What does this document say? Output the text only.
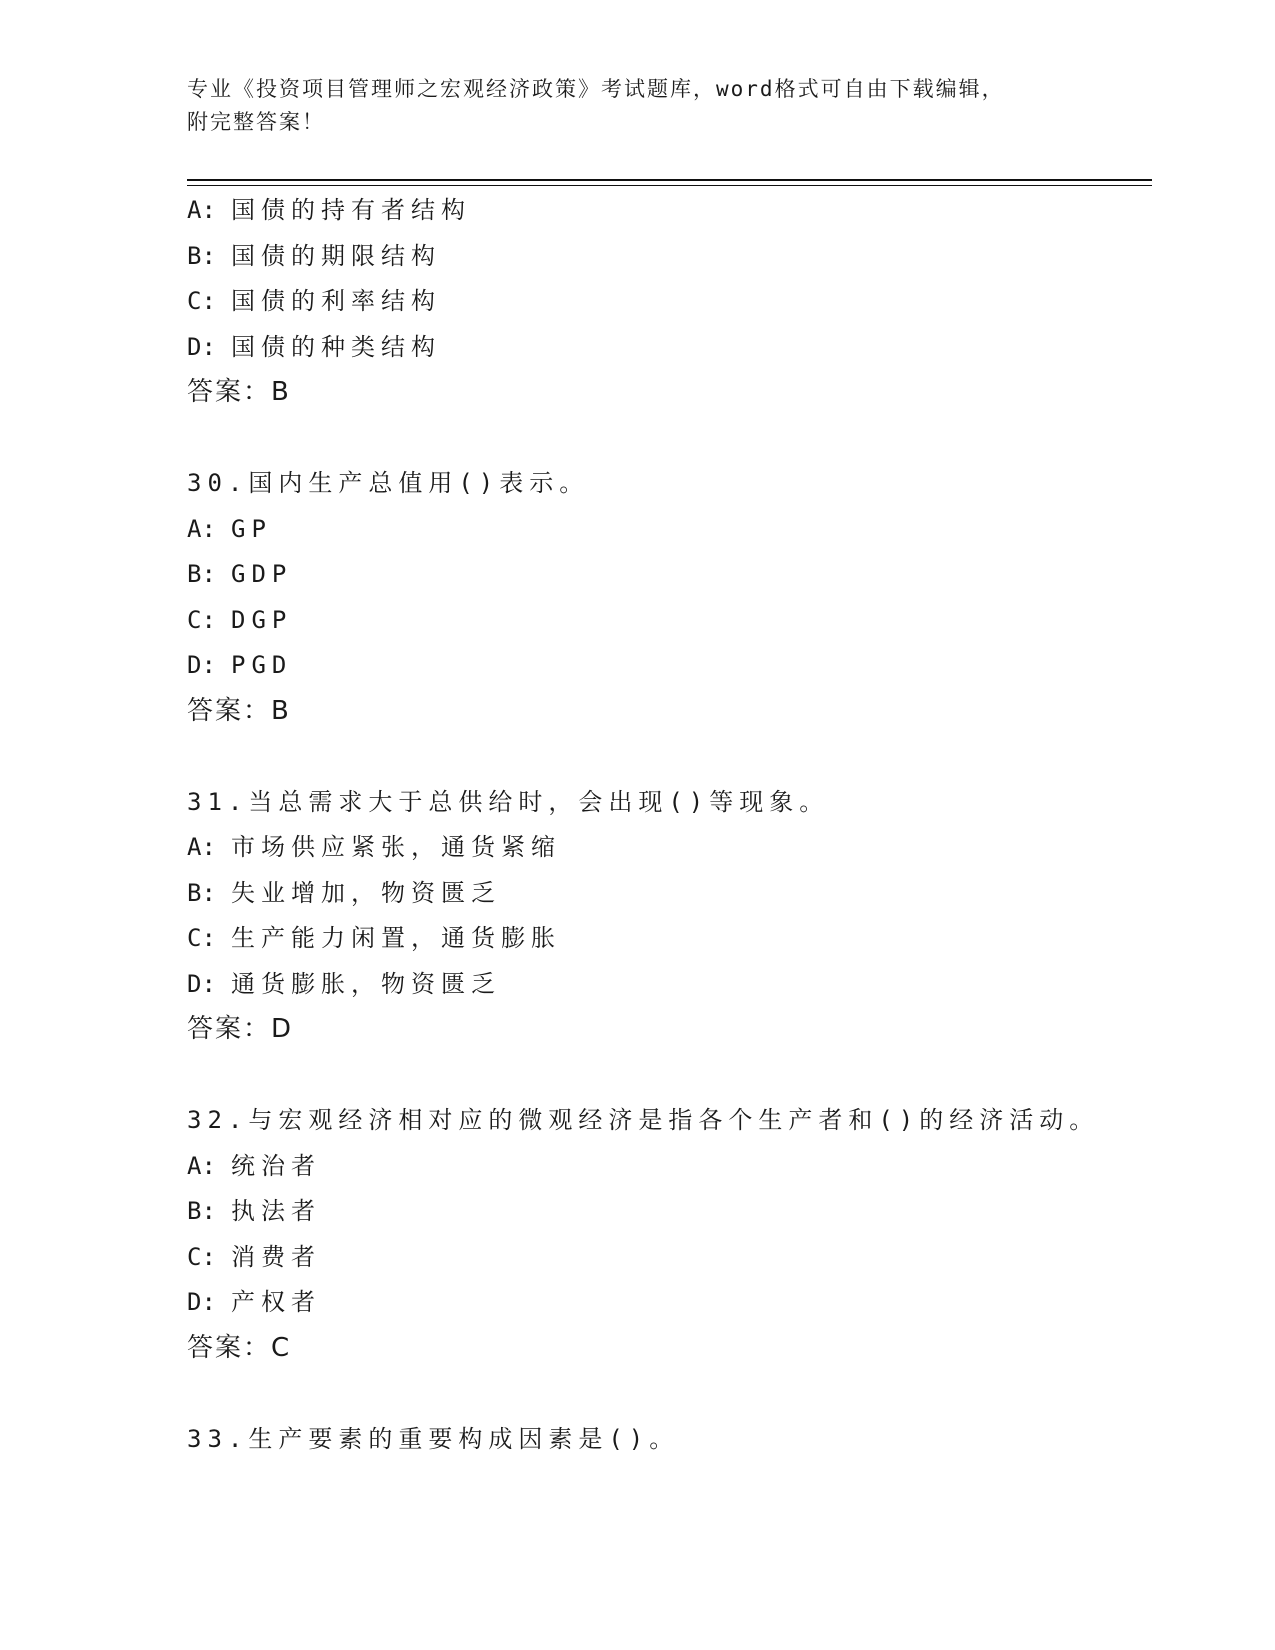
专业《投资项目管理师之宏观经济政策》考试题库，word格式可自由下载编辑，
附完整答案！
A: 国债的持有者结构
B: 国债的期限结构
C: 国债的利率结构
D: 国债的种类结构
答案：B
30.国内生产总值用()表示。
A: GP
B: GDP
C: DGP
D: PGD
答案：B
31.当总需求大于总供给时，会出现()等现象。
A: 市场供应紧张，通货紧缩
B: 失业增加，物资匮乏
C: 生产能力闲置，通货膨胀
D: 通货膨胀，物资匮乏
答案：D
32.与宏观经济相对应的微观经济是指各个生产者和()的经济活动。
A: 统治者
B: 执法者
C: 消费者
D: 产权者
答案：C
33.生产要素的重要构成因素是()。
